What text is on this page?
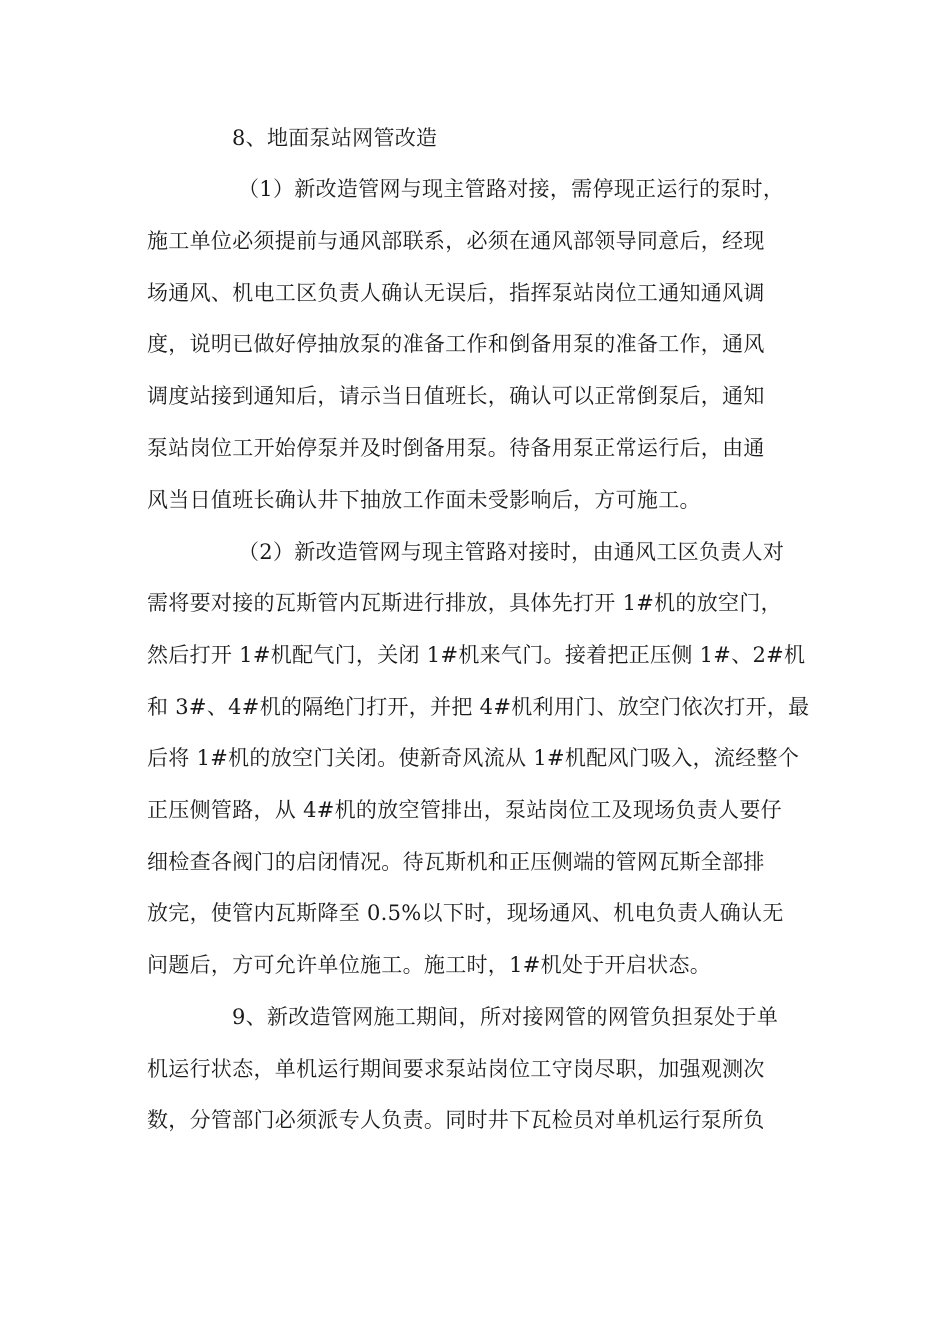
8、地面泵站网管改造
（1）新改造管网与现主管路对接，需停现正运行的泵时，
施工单位必须提前与通风部联系，必须在通风部领导同意后，经现
场通风、机电工区负责人确认无误后，指挥泵站岗位工通知通风调
度，说明已做好停抽放泵的准备工作和倒备用泵的准备工作，通风
调度站接到通知后，请示当日值班长，确认可以正常倒泵后，通知
泵站岗位工开始停泵并及时倒备用泵。待备用泵正常运行后，由通
风当日值班长确认井下抽放工作面未受影响后，方可施工。
（2）新改造管网与现主管路对接时，由通风工区负责人对
需将要对接的瓦斯管内瓦斯进行排放，具体先打开 1#机的放空门，
然后打开 1#机配气门，关闭 1#机来气门。接着把正压侧 1#、2#机
和 3#、4#机的隔绝门打开，并把 4#机利用门、放空门依次打开，最
后将 1#机的放空门关闭。使新奇风流从 1#机配风门吸入，流经整个
正压侧管路，从 4#机的放空管排出，泵站岗位工及现场负责人要仔
细检查各阀门的启闭情况。待瓦斯机和正压侧端的管网瓦斯全部排
放完，使管内瓦斯降至 0.5%以下时，现场通风、机电负责人确认无
问题后，方可允许单位施工。施工时，1#机处于开启状态。
9、新改造管网施工期间，所对接网管的网管负担泵处于单
机运行状态，单机运行期间要求泵站岗位工守岗尽职，加强观测次
数，分管部门必须派专人负责。同时井下瓦检员对单机运行泵所负
